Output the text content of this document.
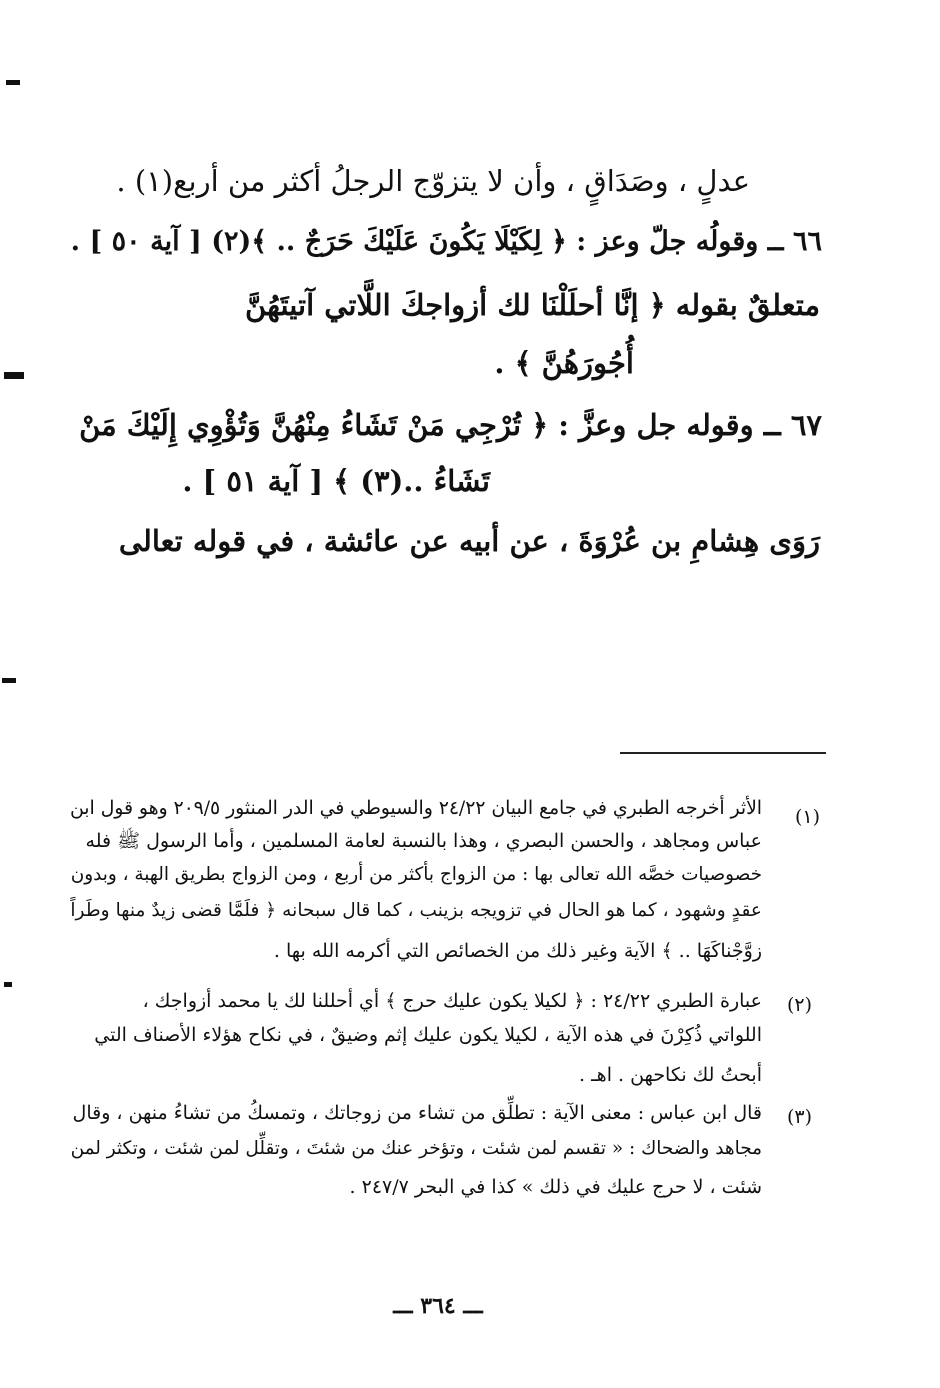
عدلٍ ، وصَدَاقٍ ، وأن لا يتزوّج الرجلُ أكثر من أربع(١) .
٦٦ ــ وقولُه جلّ وعز : ﴿ لِكَيْلَا يَكُونَ عَلَيْكَ حَرَجٌ .. ﴾(٢) [ آية ٥٠ ] .
متعلقٌ بقوله ﴿ إنَّا أحلَلْنَا لك أزواجكَ اللَّاتي آتيتَهُنَّ
أُجُورَهُنَّ ﴾ .
٦٧ ــ وقوله جل وعزَّ : ﴿ تُرْجِي مَنْ تَشَاءُ مِنْهُنَّ وَتُؤْوِي إِلَيْكَ مَنْ
تَشَاءُ ..(٣) ﴾ [ آية ٥١ ] .
رَوَى هِشامِ بن عُرْوَةَ ، عن أبيه عن عائشة ، في قوله تعالى
(١)
الأثر أخرجه الطبري في جامع البيان ٢٤/٢٢ والسيوطي في الدر المنثور ٢٠٩/٥ وهو قول ابن
عباس ومجاهد ، والحسن البصري ، وهذا بالنسبة لعامة المسلمين ، وأما الرسول ﷺ فله
خصوصيات خصَّه الله تعالى بها : من الزواج بأكثر من أربع ، ومن الزواج بطريق الهبة ، وبدون
عقدٍ وشهود ، كما هو الحال في تزويجه بزينب ، كما قال سبحانه ﴿ فلَمَّا قضى زيدٌ منها وطَراً
زوَّجْناكَهَا .. ﴾ الآية وغير ذلك من الخصائص التي أكرمه الله بها .
(٢)
عبارة الطبري ٢٤/٢٢ : ﴿ لكيلا يكون عليك حرج ﴾ أي أحللنا لك يا محمد أزواجك ،
اللواتي ذُكِرْنَ في هذه الآية ، لكيلا يكون عليك إثم وضيقٌ ، في نكاح هؤلاء الأصناف التي
أبحتُ لك نكاحهن . اهـ .
(٣)
قال ابن عباس : معنى الآية : تطلِّق من تشاء من زوجاتك ، وتمسكُ من تشاءُ منهن ، وقال
مجاهد والضحاك : « تقسم لمن شئت ، وتؤخر عنك من شئتَ ، وتقلِّل لمن شئت ، وتكثر لمن
شئت ، لا حرج عليك في ذلك » كذا في البحر ٢٤٧/٧ .
ـــ ٣٦٤ ـــ
